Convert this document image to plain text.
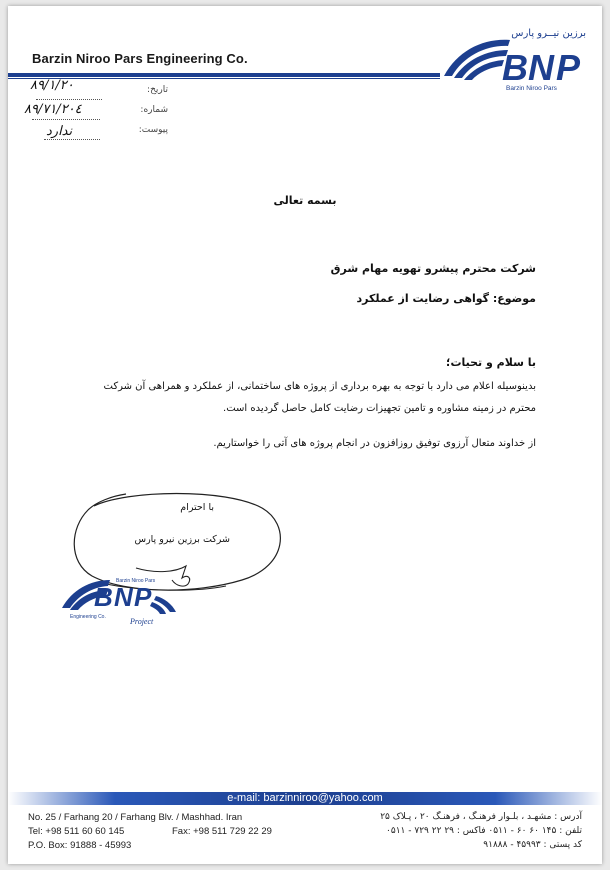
Barzin Niroo Pars Engineering Co.
برزین نیــرو پارس
B N P
Barzin Niroo Pars
تاریخ:
۸۹/۱/۲۰
شماره:
۸۹/۷۱/۲۰٤
پیوست:
ندارد
بسمه تعالی
شرکت محترم پیشرو تهویه مهام شرق
موضوع: گواهی رضایت از عملکرد
با سلام و تحیات؛
بدینوسیله اعلام می دارد با توجه به بهره برداری از پروژه های ساختمانی، از عملکرد و همراهی آن شرکت
محترم در زمینه مشاوره و تامین تجهیزات رضایت کامل حاصل گردیده است.
از خداوند متعال آرزوی توفیق روزافزون در انجام پروژه های آتی را خواستاریم.
با احترام
شرکت برزین نیرو پارس
B N P
Barzin Niroo Pars
Engineering Co.	Project
e-mail: barzinniroo@yahoo.com
No. 25 / Farhang 20 / Farhang Blv. / Mashhad. Iran
Tel: +98 511 60 60 145	Fax: +98 511 729 22 29
P.O. Box: 91888 - 45993
آدرس : مشهـد ، بلـوار فرهنـگ ، فرهنـگ ۲۰ ، پـلاک ۲۵
تلفن : ۱۴۵ ۶۰ ۶۰ - ۰۵۱۱ فاکس : ۲۹ ۲۲ ۷۲۹ - ۰۵۱۱
کد پستی : ۴۵۹۹۳ - ۹۱۸۸۸
